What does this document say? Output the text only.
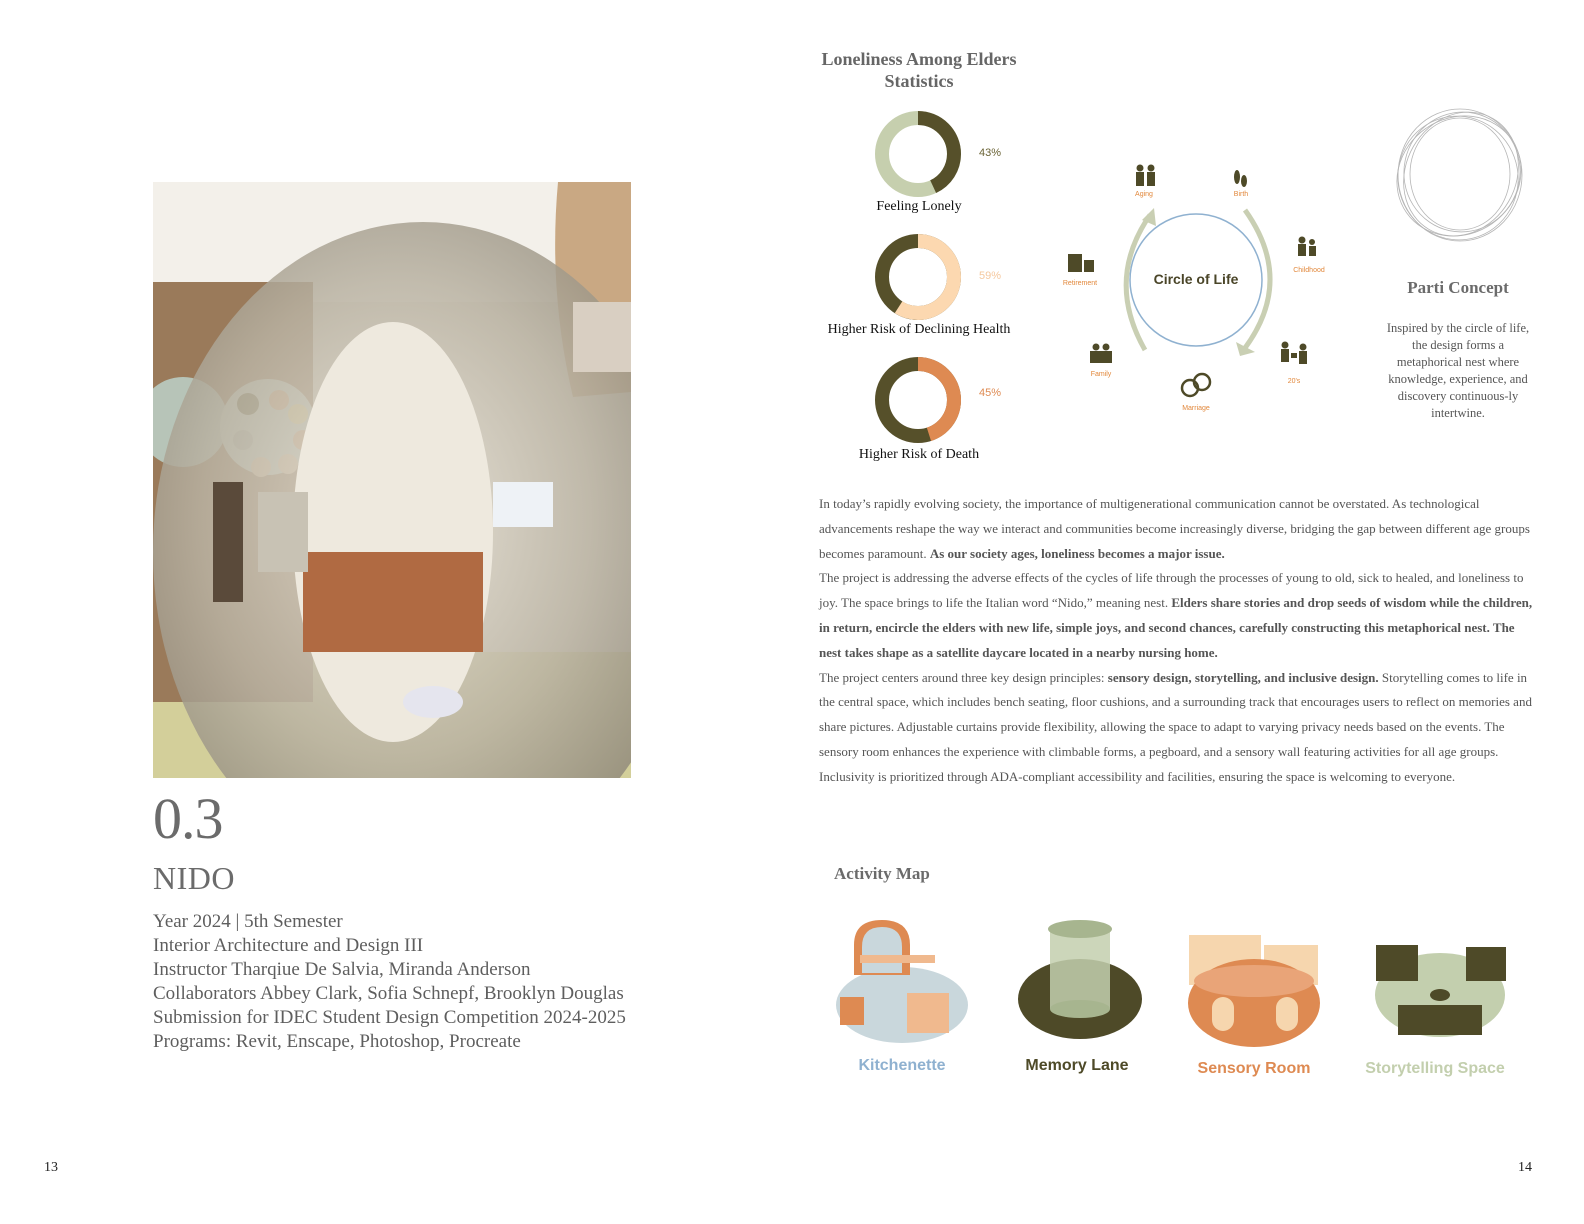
0.3
NIDO
Year 2024 | 5th Semester
Interior Architecture and Design III
Instructor Tharqiue De Salvia, Miranda Anderson
Collaborators Abbey Clark, Sofia Schnepf, Brooklyn Douglas
Submission for IDEC Student Design Competition 2024-2025
Programs: Revit, Enscape, Photoshop, Procreate
13
Loneliness Among Elders
Statistics
43%
Feeling Lonely
59%
Higher Risk of Declining Health
45%
Higher Risk of Death
Circle of Life
Aging	Birth
Childhood
20's
Marriage
Family
Retirement	Parti Concept
Inspired by the circle of life, the design forms a metaphorical nest where knowledge, experience, and discovery continuous-ly intertwine.

In today’s rapidly evolving society, the importance of multigenerational communication cannot be overstated. As technological advancements reshape the way we interact and communities become increasingly diverse, bridging the gap between different age groups becomes paramount. As our society ages, loneliness becomes a major issue.

The project is addressing the adverse effects of the cycles of life through the processes of young to old, sick to healed, and loneliness to joy. The space brings to life the Italian word “Nido,” meaning nest. Elders share stories and drop seeds of wisdom while the children, in return, encircle the elders with new life, simple joys, and second chances, carefully constructing this metaphorical nest. The nest takes shape as a satellite daycare located in a nearby nursing home.

The project centers around three key design principles: sensory design, storytelling, and inclusive design. Storytelling comes to life in the central space, which includes bench seating, floor cushions, and a surrounding track that encourages users to reflect on memories and share pictures. Adjustable curtains provide flexibility, allowing the space to adapt to varying privacy needs based on the events. The sensory room enhances the experience with climbable forms, a pegboard, and a sensory wall featuring activities for all age groups. Inclusivity is prioritized through ADA-compliant accessibility and facilities, ensuring the space is welcoming to everyone.

Activity Map
Kitchenette	Memory Lane	Sensory Room	Storytelling Space
14
